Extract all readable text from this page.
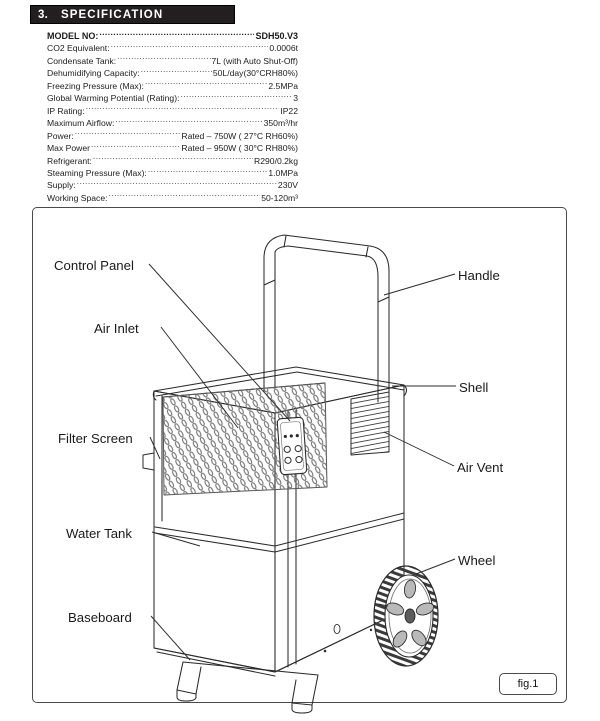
3. SPECIFICATION
MODEL NO: .....	SDH50.V3
CO2 Equivalent: .....	0.0006t
Condensate Tank: .....	7L (with Auto Shut-Off)
Dehumidifying Capacity: .....	50L/day(30°CRH80%)
Freezing Pressure (Max): .....	2.5MPa
Global Warming Potential (Rating): .....	3
IP Rating: .....	IP22
Maximum Airflow: .....	350m³/hr
Power: .....	Rated – 750W ( 27°C RH60%)
Max Power .....	Rated – 950W ( 30°C RH80%)
Refrigerant: .....	R290/0.2kg
Steaming Pressure (Max): .....	1.0MPa
Supply: .....	230V
Working Space: .....	50-120m³
.....
fig.1
Control Panel
Air Inlet
Filter Screen
Water Tank
Baseboard
Handle
Shell
Air Vent
Wheel
